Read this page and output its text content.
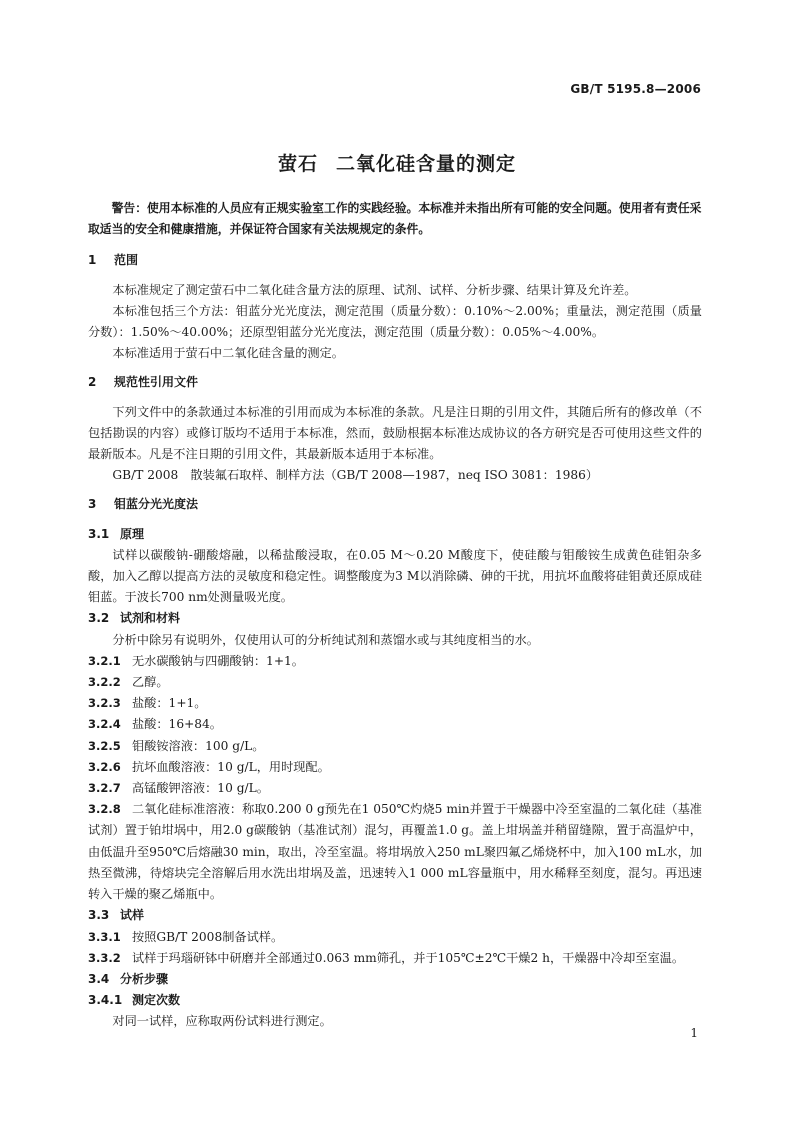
GB/T 5195.8—2006
萤石 二氧化硅含量的测定

警告：使用本标准的人员应有正规实验室工作的实践经验。本标准并未指出所有可能的安全问题。使用者有责任采取适当的安全和健康措施，并保证符合国家有关法规规定的条件。

1 范围

本标准规定了测定萤石中二氧化硅含量方法的原理、试剂、试样、分析步骤、结果计算及允许差。

本标准包括三个方法：钼蓝分光光度法，测定范围（质量分数）：0.10%～2.00%；重量法，测定范围（质量分数）：1.50%～40.00%；还原型钼蓝分光光度法，测定范围（质量分数）：0.05%～4.00%。

本标准适用于萤石中二氧化硅含量的测定。

2 规范性引用文件

下列文件中的条款通过本标准的引用而成为本标准的条款。凡是注日期的引用文件，其随后所有的修改单（不包括勘误的内容）或修订版均不适用于本标准，然而，鼓励根据本标准达成协议的各方研究是否可使用这些文件的最新版本。凡是不注日期的引用文件，其最新版本适用于本标准。

GB/T 2008　散装氟石取样、制样方法（GB/T 2008—1987，neq ISO 3081：1986）

3 钼蓝分光光度法
3.1 原理

试样以碳酸钠-硼酸熔融，以稀盐酸浸取，在0.05 M～0.20 M酸度下，使硅酸与钼酸铵生成黄色硅钼杂多酸，加入乙醇以提高方法的灵敏度和稳定性。调整酸度为3 M以消除磷、砷的干扰，用抗坏血酸将硅钼黄还原成硅钼蓝。于波长700 nm处测量吸光度。

3.2 试剂和材料

分析中除另有说明外，仅使用认可的分析纯试剂和蒸馏水或与其纯度相当的水。

3.2.1 无水碳酸钠与四硼酸钠：1+1。

3.2.2 乙醇。

3.2.3 盐酸：1+1。

3.2.4 盐酸：16+84。

3.2.5 钼酸铵溶液：100 g/L。

3.2.6 抗坏血酸溶液：10 g/L，用时现配。

3.2.7 高锰酸钾溶液：10 g/L。

3.2.8 二氧化硅标准溶液：称取0.200 0 g预先在1 050℃灼烧5 min并置于干燥器中冷至室温的二氧化硅（基准试剂）置于铂坩埚中，用2.0 g碳酸钠（基准试剂）混匀，再覆盖1.0 g。盖上坩埚盖并稍留缝隙，置于高温炉中，由低温升至950℃后熔融30 min，取出，冷至室温。将坩埚放入250 mL聚四氟乙烯烧杯中，加入100 mL水，加热至微沸，待熔块完全溶解后用水洗出坩埚及盖，迅速转入1 000 mL容量瓶中，用水稀释至刻度，混匀。再迅速转入干燥的聚乙烯瓶中。

3.3 试样

3.3.1 按照GB/T 2008制备试样。

3.3.2 试样于玛瑙研钵中研磨并全部通过0.063 mm筛孔，并于105℃±2℃干燥2 h，干燥器中冷却至室温。

3.4 分析步骤
3.4.1 测定次数

对同一试样，应称取两份试料进行测定。

1
